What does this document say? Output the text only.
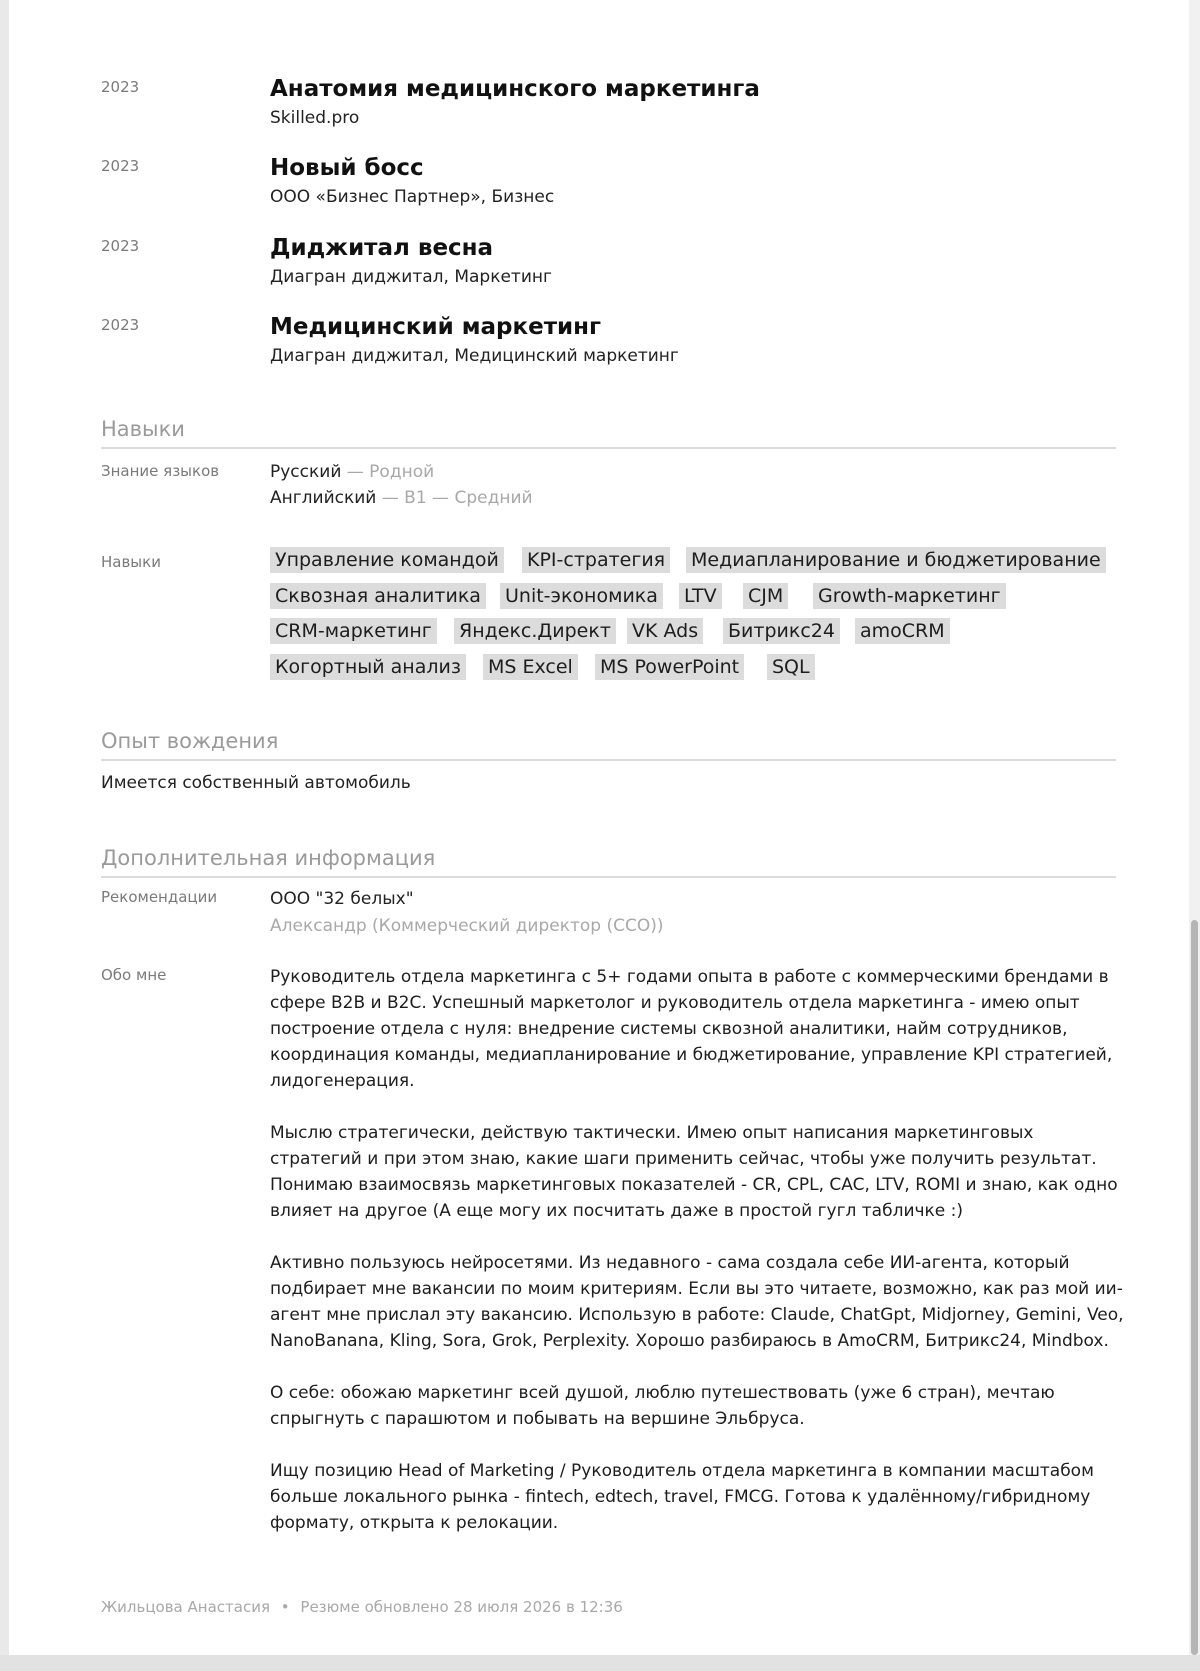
2023	Анатомия медицинского маркетинга
Skilled.pro
2023	Новый босс
ООО «Бизнес Партнер», Бизнес
2023	Диджитал весна
Диагран диджитал, Маркетинг
2023	Медицинский маркетинг
Диагран диджитал, Медицинский маркетинг
Навыки
Знание языков	Русский — Родной
Английский — B1 — Средний
Навыки	Управление командой KPI-стратегия Медиапланирование и бюджетирование
Сквозная аналитика Unit-экономика LTV CJM Growth-маркетинг
CRM-маркетинг Яндекс.Директ VK Ads Битрикс24 amoCRM
Когортный анализ MS Excel MS PowerPoint SQL
Опыт вождения
Имеется собственный автомобиль
Дополнительная информация
Рекомендации	ООО "32 белых"
Александр (Коммерческий директор (CCO))
Обо мне	Руководитель отдела маркетинга с 5+ годами опыта в работе с коммерческими брендами в сфере B2B и B2C. Успешный маркетолог и руководитель отдела маркетинга - имею опыт построение отдела с нуля: внедрение системы сквозной аналитики, найм сотрудников, координация команды, медиапланирование и бюджетирование, управление KPI стратегией, лидогенерация.

Мыслю стратегически, действую тактически. Имею опыт написания маркетинговых стратегий и при этом знаю, какие шаги применить сейчас, чтобы уже получить результат. Понимаю взаимосвязь маркетинговых показателей - CR, CPL, CAC, LTV, ROMI и знаю, как одно влияет на другое (А еще могу их посчитать даже в простой гугл табличке :)

Активно пользуюсь нейросетями. Из недавного - сама создала себе ИИ-агента, который подбирает мне вакансии по моим критериям. Если вы это читаете, возможно, как раз мой ии-агент мне прислал эту вакансию. Использую в работе: Claude, ChatGpt, Midjorney, Gemini, Veo, NanoBanana, Kling, Sora, Grok, Perplexity. Хорошо разбираюсь в AmoCRM, Битрикс24, Mindbox.

О себе: обожаю маркетинг всей душой, люблю путешествовать (уже 6 стран), мечтаю спрыгнуть с парашютом и побывать на вершине Эльбруса.

Ищу позицию Head of Marketing / Руководитель отдела маркетинга в компании масштабом больше локального рынка - fintech, edtech, travel, FMCG. Готова к удалённому/гибридному формату, открыта к релокации.

Жильцова Анастасия • Резюме обновлено 28 июля 2026 в 12:36
